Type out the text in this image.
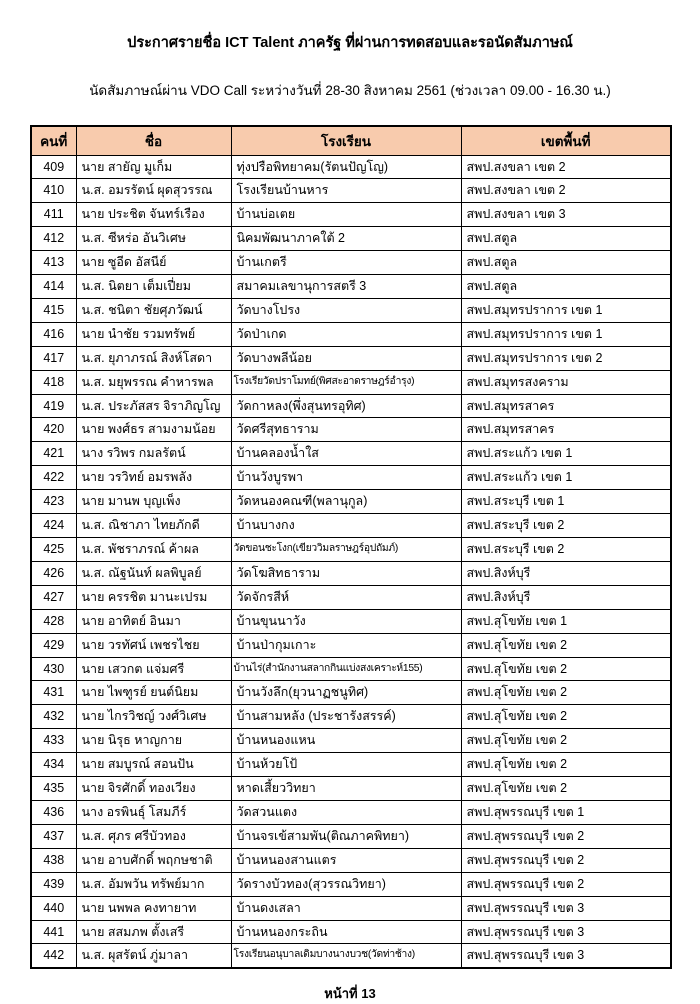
ประกาศรายชื่อ ICT Talent ภาครัฐ ที่ผ่านการทดสอบและรอนัดสัมภาษณ์
นัดสัมภาษณ์ผ่าน VDO Call ระหว่างวันที่ 28-30 สิงหาคม 2561 (ช่วงเวลา 09.00 - 16.30 น.)
คนที่	ชื่อ	โรงเรียน	เขตพื้นที่
409	นาย สายัญ มูเก็ม	ทุ่งปรือพิทยาคม(รัตนปัญโญ)	สพป.สงขลา เขต 2
410	น.ส. อมรรัตน์ ผุดสุวรรณ	โรงเรียนบ้านหาร	สพป.สงขลา เขต 2
411	นาย ประชิต จันทร์เรือง	บ้านบ่อเตย	สพป.สงขลา เขต 3
412	น.ส. ซีหร่อ อันวิเศษ	นิคมพัฒนาภาคใต้ 2	สพป.สตูล
413	นาย ซูอีด อัสนีย์	บ้านเกตรี	สพป.สตูล
414	น.ส. นิตยา เต็มเปี่ยม	สมาคมเลขานุการสตรี 3	สพป.สตูล
415	น.ส. ชนิตา ชัยศุภวัฒน์	วัดบางโปรง	สพป.สมุทรปราการ เขต 1
416	นาย นำชัย รวมทรัพย์	วัดป่าเกด	สพป.สมุทรปราการ เขต 1
417	น.ส. ยุภาภรณ์ สิงห์โสดา	วัดบางพลีน้อย	สพป.สมุทรปราการ เขต 2
418	น.ส. มยุพรรณ คำหารพล	โรงเรียวัดปราโมทย์(พิศสะอาดราษฎร์อำรุง)	สพป.สมุทรสงคราม
419	น.ส. ประภัสสร จิราภิญโญ	วัดกาหลง(พึ่งสุนทรอุทิศ)	สพป.สมุทรสาคร
420	นาย พงศ์ธร สามงามน้อย	วัดศรีสุทธาราม	สพป.สมุทรสาคร
421	นาง รวิพร กมลรัตน์	บ้านคลองน้ำใส	สพป.สระแก้ว เขต 1
422	นาย วรวิทย์ อมรพลัง	บ้านวังบูรพา	สพป.สระแก้ว เขต 1
423	นาย มานพ บุญเพ็ง	วัดหนองคณฑี(พลานุกูล)	สพป.สระบุรี เขต 1
424	น.ส. ณิชาภา ไทยภักดี	บ้านบางกง	สพป.สระบุรี เขต 2
425	น.ส. พัชราภรณ์ ค้าผล	วัดขอนชะโงก(เขียววิมลราษฎร์อุปถัมภ์)	สพป.สระบุรี เขต 2
426	น.ส. ณัฐนันท์ ผลพิบูลย์	วัดโฆสิทธาราม	สพป.สิงห์บุรี
427	นาย ครรชิต มานะเปรม	วัดจักรสีห์	สพป.สิงห์บุรี
428	นาย อาทิตย์ อินมา	บ้านขุนนาวัง	สพป.สุโขทัย เขต 1
429	นาย วรทัศน์ เพชรไชย	บ้านป่ากุมเกาะ	สพป.สุโขทัย เขต 2
430	นาย เสวกต แจ่มศรี	บ้านไร่(สำนักงานสลากกินแบ่งสงเคราะห์155)	สพป.สุโขทัย เขต 2
431	นาย ไพฑูรย์ ยนต์นิยม	บ้านวังลึก(ยุวนาฏชนูทิศ)	สพป.สุโขทัย เขต 2
432	นาย ไกรวิชญ์ วงศ์วิเศษ	บ้านสามหลัง (ประชารังสรรค์)	สพป.สุโขทัย เขต 2
433	นาย นิรุธ หาญกาย	บ้านหนองแหน	สพป.สุโขทัย เขต 2
434	นาย สมบูรณ์ สอนปัน	บ้านห้วยโป้	สพป.สุโขทัย เขต 2
435	นาย จิรศักดิ์ ทองเวียง	หาดเสี้ยววิทยา	สพป.สุโขทัย เขต 2
436	นาง อรพินธุ์ โสมภีร์	วัดสวนแตง	สพป.สุพรรณบุรี เขต 1
437	น.ส. ศุภร ศรีบัวทอง	บ้านจรเข้สามพัน(ติณภาคพิทยา)	สพป.สุพรรณบุรี เขต 2
438	นาย อาบศักดิ์ พฤกษชาติ	บ้านหนองสานแตร	สพป.สุพรรณบุรี เขต 2
439	น.ส. อัมพวัน ทรัพย์มาก	วัดรางบัวทอง(สุวรรณวิทยา)	สพป.สุพรรณบุรี เขต 2
440	นาย นพพล คงทายาท	บ้านดงเสลา	สพป.สุพรรณบุรี เขต 3
441	นาย สสมภพ ตั้งเสรี	บ้านหนองกระถิน	สพป.สุพรรณบุรี เขต 3
442	น.ส. ผุสรัตน์ ภู่มาลา	โรงเรียนอนุบาลเดิมบางนางบวช(วัดท่าช้าง)	สพป.สุพรรณบุรี เขต 3
หน้าที่ 13
